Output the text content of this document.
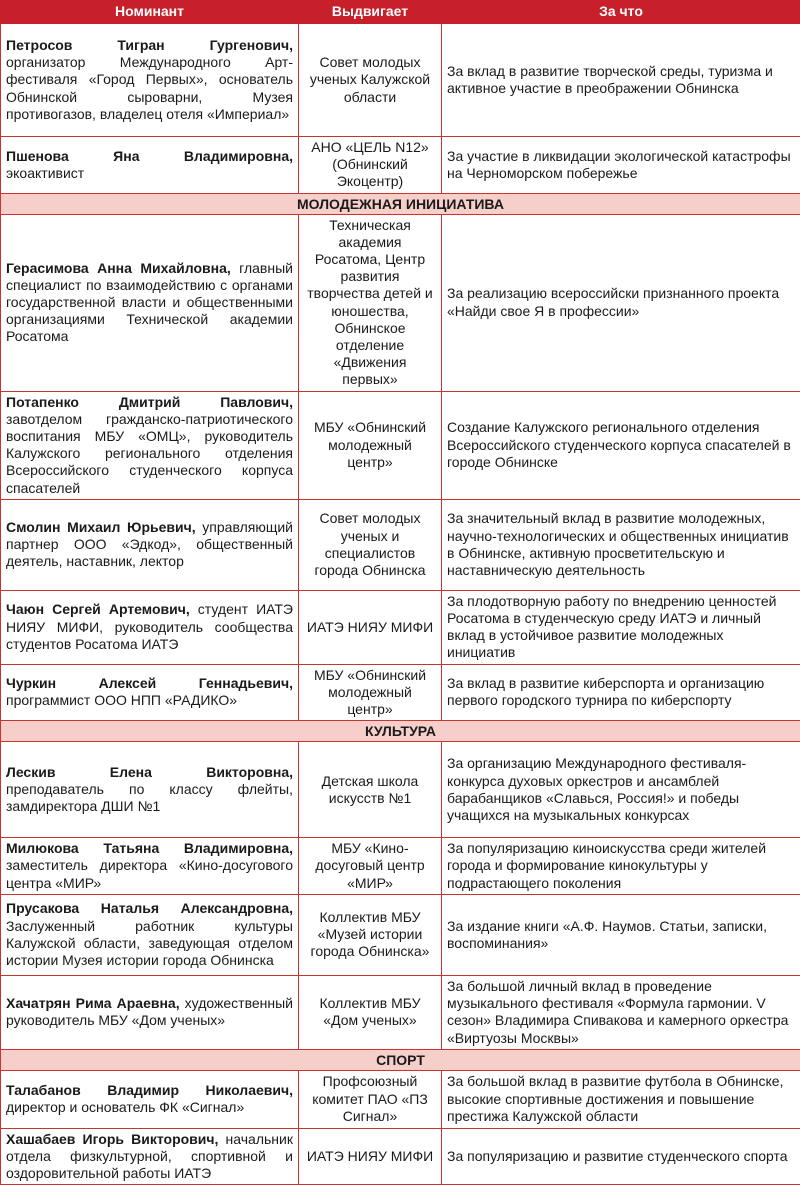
Номинант	Выдвигает	За что
Петросов Тигран Гургенович, организатор Международного Арт-фестиваля «Город Первых», основатель Обнинской сыроварни, Музея противогазов, владелец отеля «Империал»	Совет молодых ученых Калужской области	За вклад в развитие творческой среды, туризма и активное участие в преображении Обнинска
Пшенова Яна Владимировна, экоактивист	АНО «ЦЕЛЬ N12» (Обнинский Экоцентр)	За участие в ликвидации экологической катастрофы на Черноморском побережье
МОЛОДЕЖНАЯ ИНИЦИАТИВА		
Герасимова Анна Михайловна, главный специалист по взаимодействию с органами государственной власти и общественными организациями Технической академии Росатома	Техническая академия Росатома, Центр развития творчества детей и юношества, Обнинское отделение «Движения первых»	За реализацию всероссийски признанного проекта «Найди свое Я в профессии»
Потапенко Дмитрий Павлович, завотделом гражданско-патриотического воспитания МБУ «ОМЦ», руководитель Калужского регионального отделения Всероссийского студенческого корпуса спасателей	МБУ «Обнинский молодежный центр»	Создание Калужского регионального отделения Всероссийского студенческого корпуса спасателей в городе Обнинске
Смолин Михаил Юрьевич, управляющий партнер ООО «Эдкод», общественный деятель, наставник, лектор	Совет молодых ученых и специалистов города Обнинска	За значительный вклад в развитие молодежных, научно-технологических и общественных инициатив в Обнинске, активную просветительскую и наставническую деятельность
Чаюн Сергей Артемович, студент ИАТЭ НИЯУ МИФИ, руководитель сообщества студентов Росатома ИАТЭ	ИАТЭ НИЯУ МИФИ	За плодотворную работу по внедрению ценностей Росатома в студенческую среду ИАТЭ и личный вклад в устойчивое развитие молодежных инициатив
Чуркин Алексей Геннадьевич, программист ООО НПП «РАДИКО»	МБУ «Обнинский молодежный центр»	За вклад в развитие киберспорта и организацию первого городского турнира по киберспорту
КУЛЬТУРА		
Лескив Елена Викторовна, преподаватель по классу флейты, замдиректора ДШИ №1	Детская школа искусств №1	За организацию Международного фестиваля-конкурса духовых оркестров и ансамблей барабанщиков «Славься, Россия!» и победы учащихся на музыкальных конкурсах
Милюкова Татьяна Владимировна, заместитель директора «Кино-досугового центра «МИР»	МБУ «Кино-досуговый центр «МИР»	За популяризацию киноискусства среди жителей города и формирование кинокультуры у подрастающего поколения
Прусакова Наталья Александровна, Заслуженный работник культуры Калужской области, заведующая отделом истории Музея истории города Обнинска	Коллектив МБУ «Музей истории города Обнинска»	За издание книги «А.Ф. Наумов. Статьи, записки, воспоминания»
Хачатрян Рима Араевна, художественный руководитель МБУ «Дом ученых»	Коллектив МБУ «Дом ученых»	За большой личный вклад в проведение музыкального фестиваля «Формула гармонии. V сезон» Владимира Спивакова и камерного оркестра «Виртуозы Москвы»
СПОРТ		
Талабанов Владимир Николаевич, директор и основатель ФК «Сигнал»	Профсоюзный комитет ПАО «ПЗ Сигнал»	За большой вклад в развитие футбола в Обнинске, высокие спортивные достижения и повышение престижа Калужской области
Хашабаев Игорь Викторович, начальник отдела физкультурной, спортивной и оздоровительной работы ИАТЭ	ИАТЭ НИЯУ МИФИ	За популяризацию и развитие студенческого спорта
